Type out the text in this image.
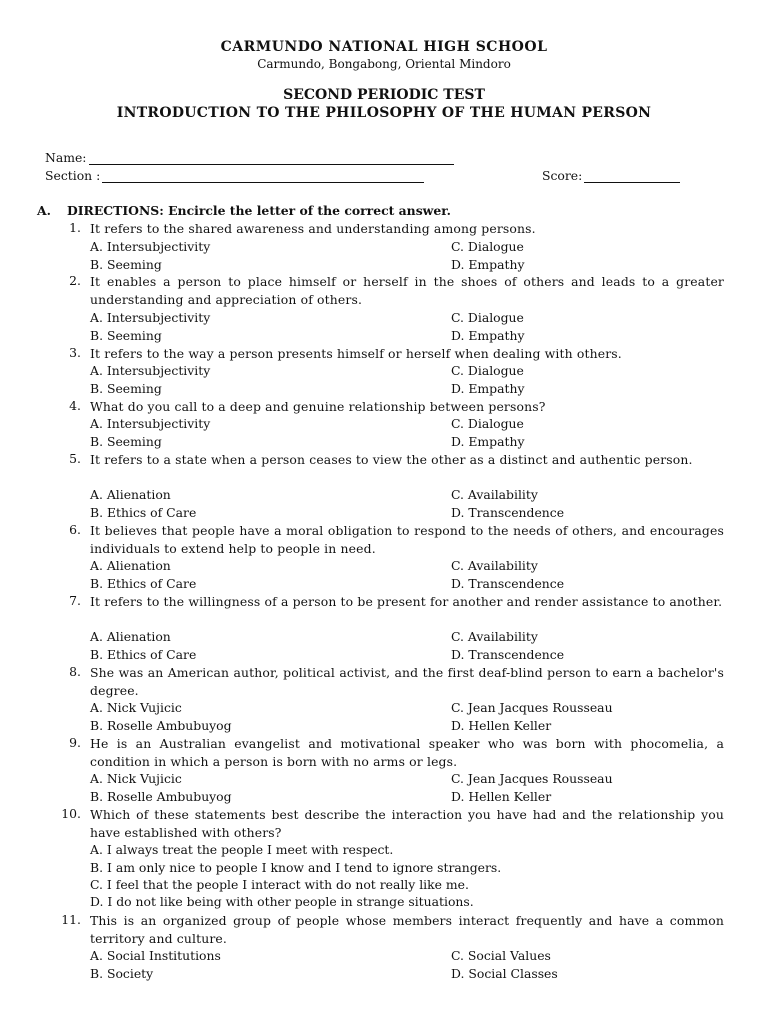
CARMUNDO NATIONAL HIGH SCHOOL
Carmundo, Bongabong, Oriental Mindoro
SECOND PERIODIC TEST
INTRODUCTION TO THE PHILOSOPHY OF THE HUMAN PERSON
Name:
Section :	Score:
A. DIRECTIONS: Encircle the letter of the correct answer.
1. It refers to the shared awareness and understanding among persons.
A. Intersubjectivity	C. Dialogue
B. Seeming	D. Empathy
2. It enables a person to place himself or herself in the shoes of others and leads to a greater understanding and appreciation of others.
A. Intersubjectivity	C. Dialogue
B. Seeming	D. Empathy
3. It refers to the way a person presents himself or herself when dealing with others.
A. Intersubjectivity	C. Dialogue
B. Seeming	D. Empathy
4. What do you call to a deep and genuine relationship between persons?
A. Intersubjectivity	C. Dialogue
B. Seeming	D. Empathy
5. It refers to a state when a person ceases to view the other as a distinct and authentic person.
A. Alienation	C. Availability
B. Ethics of Care	D. Transcendence
6. It believes that people have a moral obligation to respond to the needs of others, and encourages individuals to extend help to people in need.
A. Alienation	C. Availability
B. Ethics of Care	D. Transcendence
7. It refers to the willingness of a person to be present for another and render assistance to another.
A. Alienation	C. Availability
B. Ethics of Care	D. Transcendence
8. She was an American author, political activist, and the first deaf-blind person to earn a bachelor's degree.
A. Nick Vujicic	C. Jean Jacques Rousseau
B. Roselle Ambubuyog	D. Hellen Keller
9. He is an Australian evangelist and motivational speaker who was born with phocomelia, a condition in which a person is born with no arms or legs.
A. Nick Vujicic	C. Jean Jacques Rousseau
B. Roselle Ambubuyog	D. Hellen Keller
10. Which of these statements best describe the interaction you have had and the relationship you have established with others?
A. I always treat the people I meet with respect.
B. I am only nice to people I know and I tend to ignore strangers.
C. I feel that the people I interact with do not really like me.
D. I do not like being with other people in strange situations.
11. This is an organized group of people whose members interact frequently and have a common territory and culture.
A. Social Institutions	C. Social Values
B. Society	D. Social Classes
